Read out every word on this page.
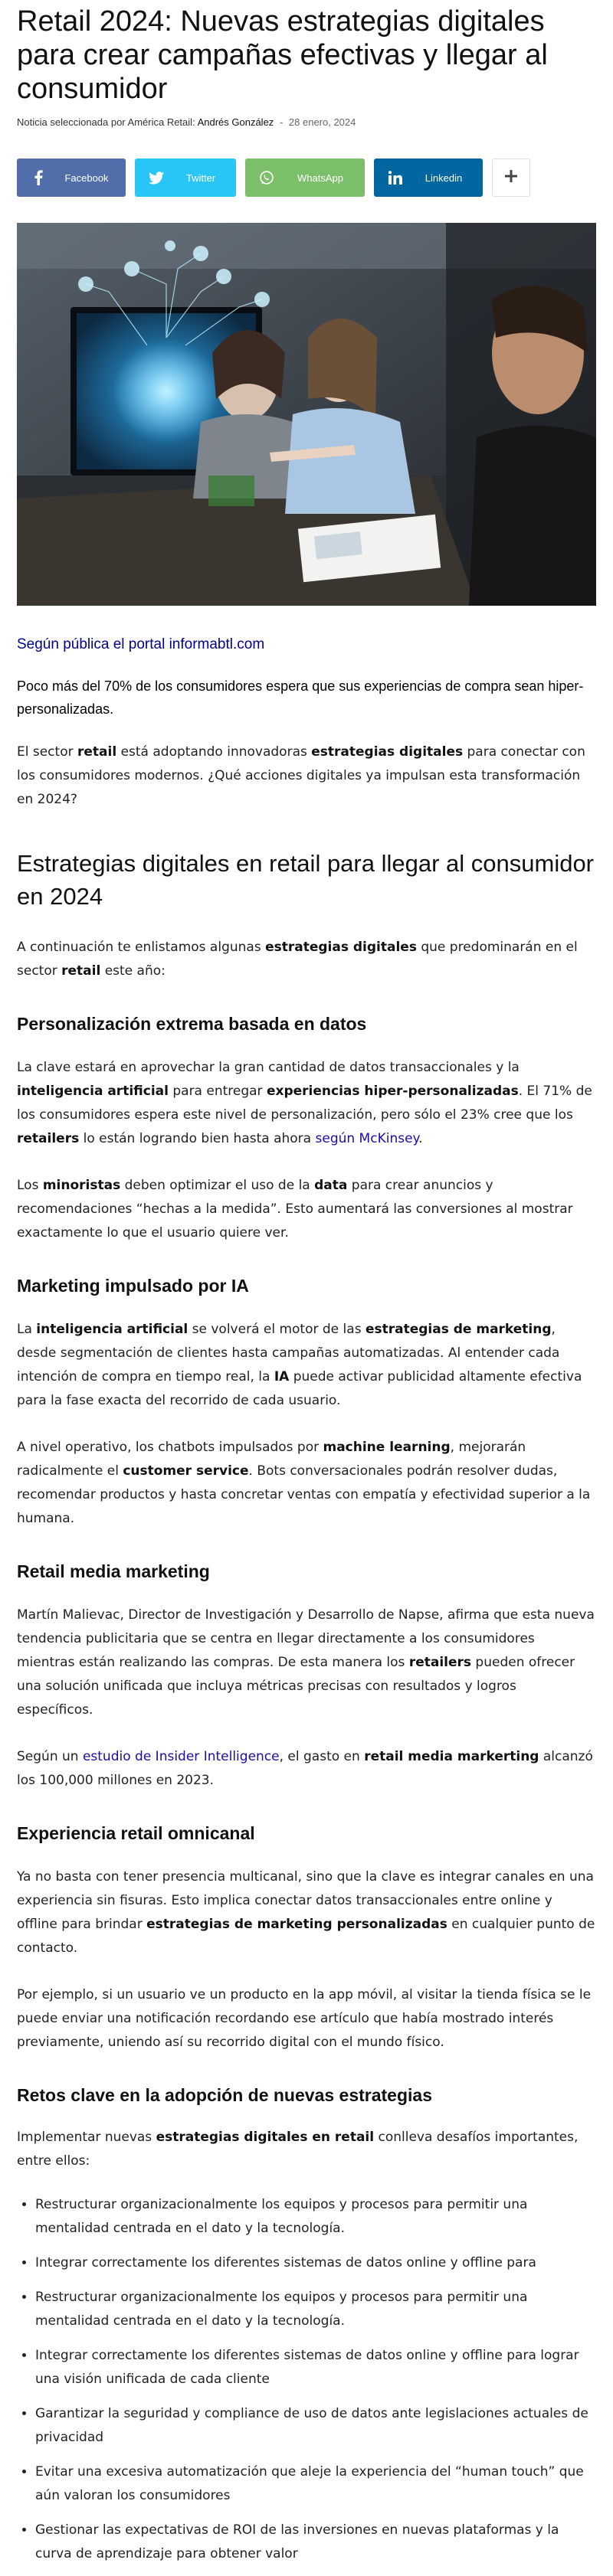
Retail 2024: Nuevas estrategias digitales para crear campañas efectivas y llegar al consumidor
Noticia seleccionada por América Retail: Andrés González - 28 enero, 2024
Facebook	Twitter	WhatsApp	Linkedin
Según pública el portal informabtl.com

Poco más del 70% de los consumidores espera que sus experiencias de compra sean hiper-personalizadas.

El sector retail está adoptando innovadoras estrategias digitales para conectar con los consumidores modernos. ¿Qué acciones digitales ya impulsan esta transformación en 2024?

Estrategias digitales en retail para llegar al consumidor en 2024

A continuación te enlistamos algunas estrategias digitales que predominarán en el sector retail este año:

Personalización extrema basada en datos

La clave estará en aprovechar la gran cantidad de datos transaccionales y la inteligencia artificial para entregar experiencias hiper-personalizadas. El 71% de los consumidores espera este nivel de personalización, pero sólo el 23% cree que los retailers lo están logrando bien hasta ahora según McKinsey.

Los minoristas deben optimizar el uso de la data para crear anuncios y recomendaciones “hechas a la medida”. Esto aumentará las conversiones al mostrar exactamente lo que el usuario quiere ver.

Marketing impulsado por IA

La inteligencia artificial se volverá el motor de las estrategias de marketing, desde segmentación de clientes hasta campañas automatizadas. Al entender cada intención de compra en tiempo real, la IA puede activar publicidad altamente efectiva para la fase exacta del recorrido de cada usuario.

A nivel operativo, los chatbots impulsados por machine learning, mejorarán radicalmente el customer service. Bots conversacionales podrán resolver dudas, recomendar productos y hasta concretar ventas con empatía y efectividad superior a la humana.

Retail media marketing

Martín Malievac, Director de Investigación y Desarrollo de Napse, afirma que esta nueva tendencia publicitaria que se centra en llegar directamente a los consumidores mientras están realizando las compras. De esta manera los retailers pueden ofrecer una solución unificada que incluya métricas precisas con resultados y logros específicos.

Según un estudio de Insider Intelligence, el gasto en retail media markerting alcanzó los 100,000 millones en 2023.

Experiencia retail omnicanal

Ya no basta con tener presencia multicanal, sino que la clave es integrar canales en una experiencia sin fisuras. Esto implica conectar datos transaccionales entre online y offline para brindar estrategias de marketing personalizadas en cualquier punto de contacto.

Por ejemplo, si un usuario ve un producto en la app móvil, al visitar la tienda física se le puede enviar una notificación recordando ese artículo que había mostrado interés previamente, uniendo así su recorrido digital con el mundo físico.

Retos clave en la adopción de nuevas estrategias

Implementar nuevas estrategias digitales en retail conlleva desafíos importantes, entre ellos:

• Restructurar organizacionalmente los equipos y procesos para permitir una mentalidad centrada en el dato y la tecnología.
• Integrar correctamente los diferentes sistemas de datos online y offline para
• Restructurar organizacionalmente los equipos y procesos para permitir una mentalidad centrada en el dato y la tecnología.
• Integrar correctamente los diferentes sistemas de datos online y offline para lograr una visión unificada de cada cliente
• Garantizar la seguridad y compliance de uso de datos ante legislaciones actuales de privacidad
• Evitar una excesiva automatización que aleje la experiencia del “human touch” que aún valoran los consumidores
• Gestionar las expectativas de ROI de las inversiones en nuevas plataformas y la curva de aprendizaje para obtener valor
